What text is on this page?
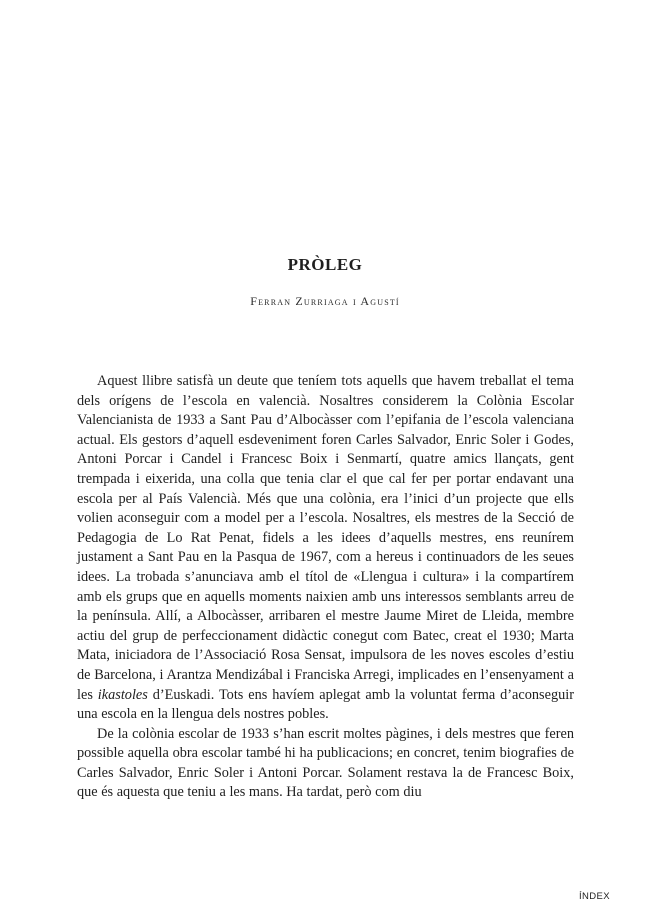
PRÒLEG

Ferran Zurriaga i Agustí

Aquest llibre satisfà un deute que teníem tots aquells que havem treballat el tema dels orígens de l’escola en valencià. Nosaltres considerem la Colònia Escolar Valencianista de 1933 a Sant Pau d’Albocàsser com l’epifania de l’escola valenciana actual. Els gestors d’aquell esdeveniment foren Carles Salvador, Enric Soler i Godes, Antoni Porcar i Candel i Francesc Boix i Senmartí, quatre amics llançats, gent trempada i eixerida, una colla que tenia clar el que cal fer per portar endavant una escola per al País Valencià. Més que una colònia, era l’inici d’un projecte que ells volien aconseguir com a model per a l’escola. Nosaltres, els mestres de la Secció de Pedagogia de Lo Rat Penat, fidels a les idees d’aquells mestres, ens reunírem justament a Sant Pau en la Pasqua de 1967, com a hereus i continuadors de les seues idees. La trobada s’anunciava amb el títol de «Llengua i cultura» i la compartírem amb els grups que en aquells moments naixien amb uns interessos semblants arreu de la península. Allí, a Albocàsser, arribaren el mestre Jaume Miret de Lleida, membre actiu del grup de perfeccionament didàctic conegut com Batec, creat el 1930; Marta Mata, iniciadora de l’Associació Rosa Sensat, impulsora de les noves escoles d’estiu de Barcelona, i Arantza Mendizábal i Franciska Arregi, implicades en l’ensenyament a les ikastoles d’Euskadi. Tots ens havíem aplegat amb la voluntat ferma d’aconseguir una escola en la llengua dels nostres pobles.

De la colònia escolar de 1933 s’han escrit moltes pàgines, i dels mestres que feren possible aquella obra escolar també hi ha publicacions; en concret, tenim biografies de Carles Salvador, Enric Soler i Antoni Porcar. Solament restava la de Francesc Boix, que és aquesta que teniu a les mans. Ha tardat, però com diu

ÍNDEX
